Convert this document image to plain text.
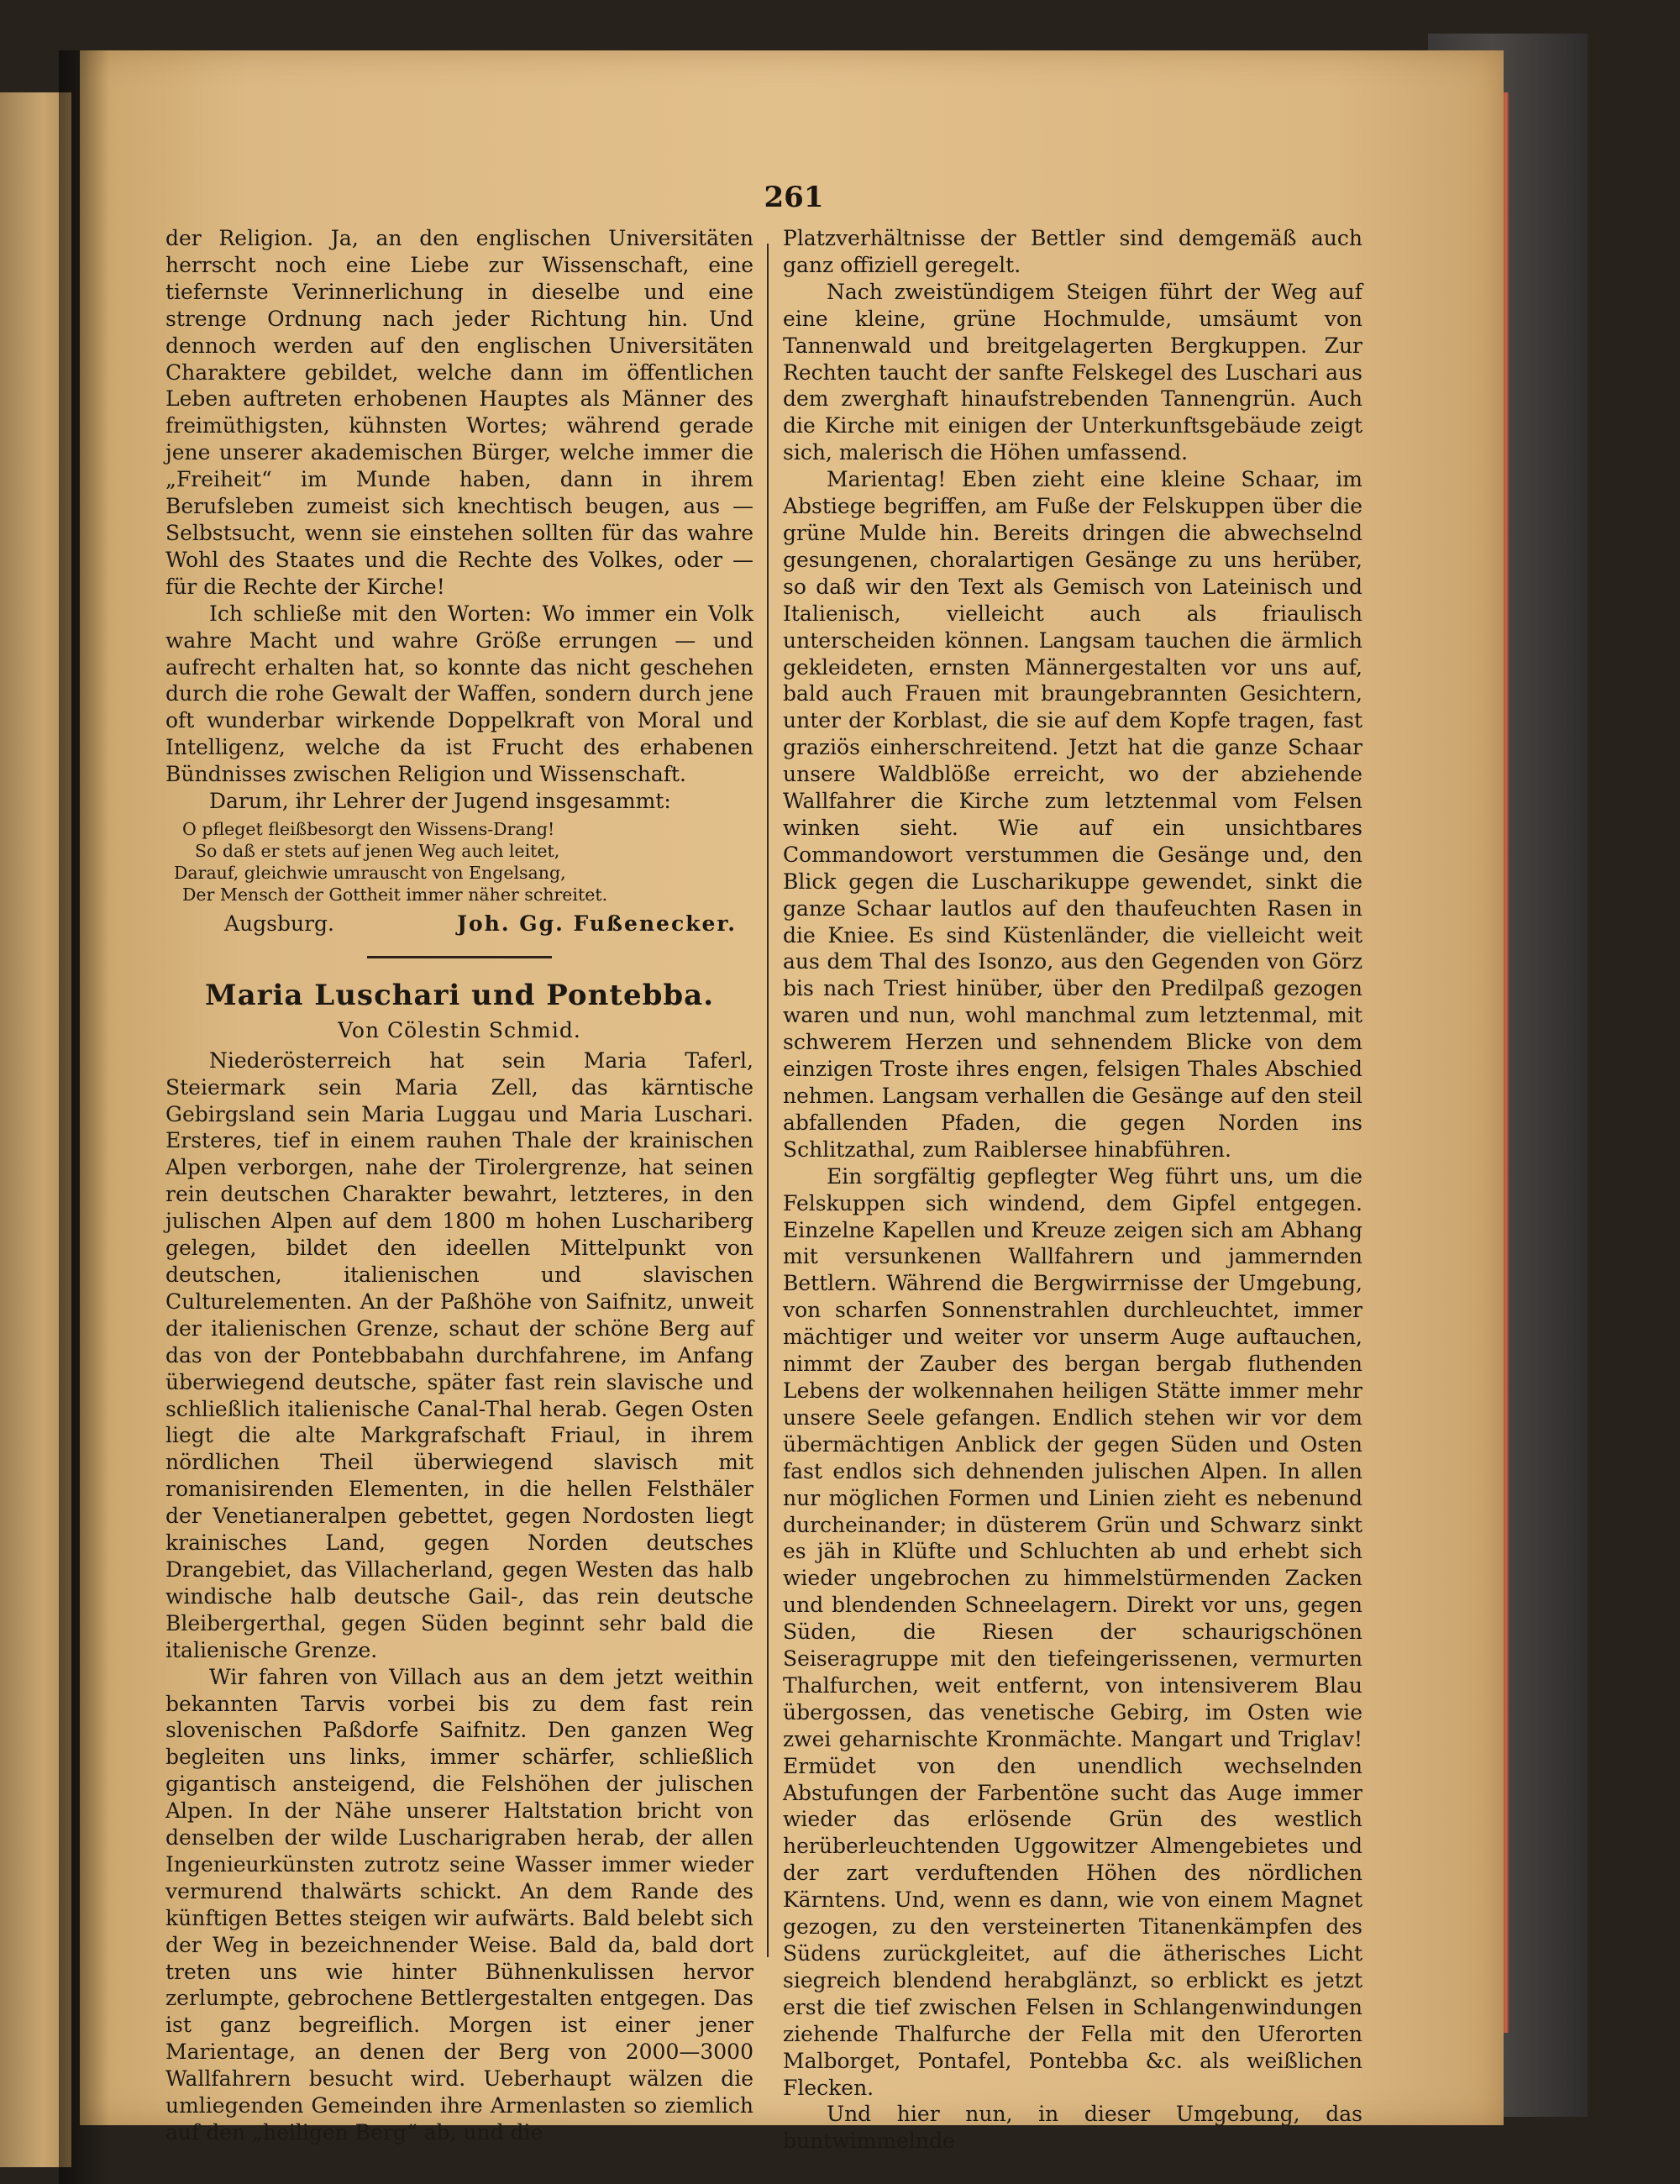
261

der Religion. Ja, an den englischen Universitäten herrscht noch eine Liebe zur Wissenschaft, eine tiefernste Verinnerlichung in dieselbe und eine strenge Ordnung nach jeder Richtung hin. Und dennoch werden auf den englischen Universitäten Charaktere gebildet, welche dann im öffentlichen Leben auftreten erhobenen Hauptes als Männer des freimüthigsten, kühnsten Wortes; während gerade jene unserer akademischen Bürger, welche immer die „Freiheit“ im Munde haben, dann in ihrem Berufsleben zumeist sich knechtisch beugen, aus — Selbstsucht, wenn sie einstehen sollten für das wahre Wohl des Staates und die Rechte des Volkes, oder — für die Rechte der Kirche!

Ich schließe mit den Worten: Wo immer ein Volk wahre Macht und wahre Größe errungen — und aufrecht erhalten hat, so konnte das nicht geschehen durch die rohe Gewalt der Waffen, sondern durch jene oft wunderbar wirkende Doppelkraft von Moral und Intelligenz, welche da ist Frucht des erhabenen Bündnisses zwischen Religion und Wissenschaft.

Darum, ihr Lehrer der Jugend insgesammt:

O pfleget fleißbesorgt den Wissens-Drang!
So daß er stets auf jenen Weg auch leitet,
Darauf, gleichwie umrauscht von Engelsang,
Der Mensch der Gottheit immer näher schreitet.
Augsburg.	Joh. Gg. Fußenecker.
Maria Luschari und Pontebba.
Von Cölestin Schmid.

Niederösterreich hat sein Maria Taferl, Steiermark sein Maria Zell, das kärntische Gebirgsland sein Maria Luggau und Maria Luschari. Ersteres, tief in einem rauhen Thale der krainischen Alpen verborgen, nahe der Tirolergrenze, hat seinen rein deutschen Charakter bewahrt, letzteres, in den julischen Alpen auf dem 1800 m hohen Luschariberg gelegen, bildet den ideellen Mittelpunkt von deutschen, italienischen und slavischen Culturelementen. An der Paßhöhe von Saifnitz, unweit der italienischen Grenze, schaut der schöne Berg auf das von der Pontebbabahn durchfahrene, im Anfang überwiegend deutsche, später fast rein slavische und schließlich italienische Canal-Thal herab. Gegen Osten liegt die alte Markgrafschaft Friaul, in ihrem nördlichen Theil überwiegend slavisch mit romanisirenden Elementen, in die hellen Felsthäler der Venetianeralpen gebettet, gegen Nordosten liegt krainisches Land, gegen Norden deutsches Drangebiet, das Villacherland, gegen Westen das halb windische halb deutsche Gail-, das rein deutsche Bleibergerthal, gegen Süden beginnt sehr bald die italienische Grenze.

Wir fahren von Villach aus an dem jetzt weithin bekannten Tarvis vorbei bis zu dem fast rein slovenischen Paßdorfe Saifnitz. Den ganzen Weg begleiten uns links, immer schärfer, schließlich gigantisch ansteigend, die Felshöhen der julischen Alpen. In der Nähe unserer Haltstation bricht von denselben der wilde Luscharigraben herab, der allen Ingenieurkünsten zutrotz seine Wasser immer wieder vermurend thalwärts schickt. An dem Rande des künftigen Bettes steigen wir aufwärts. Bald belebt sich der Weg in bezeichnender Weise. Bald da, bald dort treten uns wie hinter Bühnenkulissen hervor zerlumpte, gebrochene Bettlergestalten entgegen. Das ist ganz begreiflich. Morgen ist einer jener Marientage, an denen der Berg von 2000—3000 Wallfahrern besucht wird. Ueberhaupt wälzen die umliegenden Gemeinden ihre Armenlasten so ziemlich auf den „heiligen Berg“ ab, und die

Platzverhältnisse der Bettler sind demgemäß auch ganz offiziell geregelt.

Nach zweistündigem Steigen führt der Weg auf eine kleine, grüne Hochmulde, umsäumt von Tannenwald und breitgelagerten Bergkuppen. Zur Rechten taucht der sanfte Felskegel des Luschari aus dem zwerghaft hinaufstrebenden Tannengrün. Auch die Kirche mit einigen der Unterkunftsgebäude zeigt sich, malerisch die Höhen umfassend.

Marientag! Eben zieht eine kleine Schaar, im Abstiege begriffen, am Fuße der Felskuppen über die grüne Mulde hin. Bereits dringen die abwechselnd gesungenen, choralartigen Gesänge zu uns herüber, so daß wir den Text als Gemisch von Lateinisch und Italienisch, vielleicht auch als friaulisch unterscheiden können. Langsam tauchen die ärmlich gekleideten, ernsten Männergestalten vor uns auf, bald auch Frauen mit braungebrannten Gesichtern, unter der Korblast, die sie auf dem Kopfe tragen, fast graziös einherschreitend. Jetzt hat die ganze Schaar unsere Waldblöße erreicht, wo der abziehende Wallfahrer die Kirche zum letztenmal vom Felsen winken sieht. Wie auf ein unsichtbares Commandowort verstummen die Gesänge und, den Blick gegen die Luscharikuppe gewendet, sinkt die ganze Schaar lautlos auf den thaufeuchten Rasen in die Kniee. Es sind Küstenländer, die vielleicht weit aus dem Thal des Isonzo, aus den Gegenden von Görz bis nach Triest hinüber, über den Predilpaß gezogen waren und nun, wohl manchmal zum letztenmal, mit schwerem Herzen und sehnendem Blicke von dem einzigen Troste ihres engen, felsigen Thales Abschied nehmen. Langsam verhallen die Gesänge auf den steil abfallenden Pfaden, die gegen Norden ins Schlitzathal, zum Raiblersee hinabführen.

Ein sorgfältig gepflegter Weg führt uns, um die Felskuppen sich windend, dem Gipfel entgegen. Einzelne Kapellen und Kreuze zeigen sich am Abhang mit versunkenen Wallfahrern und jammernden Bettlern. Während die Bergwirrnisse der Umgebung, von scharfen Sonnenstrahlen durchleuchtet, immer mächtiger und weiter vor unserm Auge auftauchen, nimmt der Zauber des bergan bergab fluthenden Lebens der wolkennahen heiligen Stätte immer mehr unsere Seele gefangen. Endlich stehen wir vor dem übermächtigen Anblick der gegen Süden und Osten fast endlos sich dehnenden julischen Alpen. In allen nur möglichen Formen und Linien zieht es nebenund durcheinander; in düsterem Grün und Schwarz sinkt es jäh in Klüfte und Schluchten ab und erhebt sich wieder ungebrochen zu himmelstürmenden Zacken und blendenden Schneelagern. Direkt vor uns, gegen Süden, die Riesen der schaurigschönen Seiseragruppe mit den tiefeingerissenen, vermurten Thalfurchen, weit entfernt, von intensiverem Blau übergossen, das venetische Gebirg, im Osten wie zwei geharnischte Kronmächte. Mangart und Triglav! Ermüdet von den unendlich wechselnden Abstufungen der Farbentöne sucht das Auge immer wieder das erlösende Grün des westlich herüberleuchtenden Uggowitzer Almengebietes und der zart verduftenden Höhen des nördlichen Kärntens. Und, wenn es dann, wie von einem Magnet gezogen, zu den versteinerten Titanenkämpfen des Südens zurückgleitet, auf die ätherisches Licht siegreich blendend herabglänzt, so erblickt es jetzt erst die tief zwischen Felsen in Schlangenwindungen ziehende Thalfurche der Fella mit den Uferorten Malborget, Pontafel, Pontebba &c. als weißlichen Flecken.

Und hier nun, in dieser Umgebung, das buntwimmelnde
